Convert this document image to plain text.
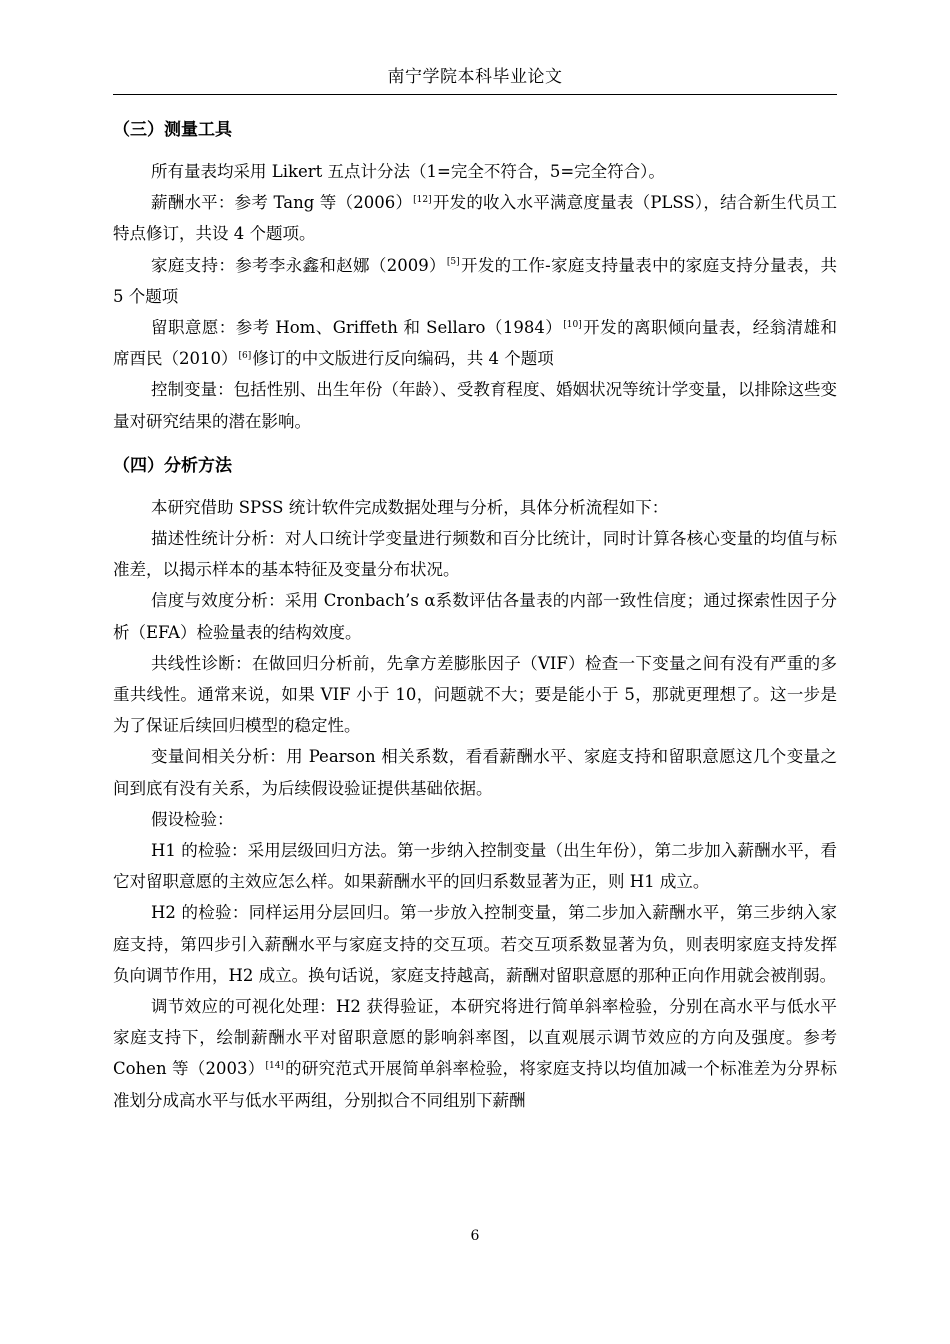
南宁学院本科毕业论文
（三）测量工具

所有量表均采用 Likert 五点计分法（1=完全不符合，5=完全符合）。

薪酬水平：参考 Tang 等（2006）[12]开发的收入水平满意度量表（PLSS），结合新生代员工特点修订，共设 4 个题项。

家庭支持：参考李永鑫和赵娜（2009）[5]开发的工作-家庭支持量表中的家庭支持分量表，共 5 个题项

留职意愿：参考 Hom、Griffeth 和 Sellaro（1984）[10]开发的离职倾向量表，经翁清雄和席酉民（2010）[6]修订的中文版进行反向编码，共 4 个题项

控制变量：包括性别、出生年份（年龄）、受教育程度、婚姻状况等统计学变量，以排除这些变量对研究结果的潜在影响。

（四）分析方法

本研究借助 SPSS 统计软件完成数据处理与分析，具体分析流程如下：

描述性统计分析：对人口统计学变量进行频数和百分比统计，同时计算各核心变量的均值与标准差，以揭示样本的基本特征及变量分布状况。

信度与效度分析：采用 Cronbach’s α系数评估各量表的内部一致性信度；通过探索性因子分析（EFA）检验量表的结构效度。

共线性诊断：在做回归分析前，先拿方差膨胀因子（VIF）检查一下变量之间有没有严重的多重共线性。通常来说，如果 VIF 小于 10，问题就不大；要是能小于 5，那就更理想了。这一步是为了保证后续回归模型的稳定性。

变量间相关分析：用 Pearson 相关系数，看看薪酬水平、家庭支持和留职意愿这几个变量之间到底有没有关系，为后续假设验证提供基础依据。

假设检验：

H1 的检验：采用层级回归方法。第一步纳入控制变量（出生年份），第二步加入薪酬水平，看它对留职意愿的主效应怎么样。如果薪酬水平的回归系数显著为正，则 H1 成立。

H2 的检验：同样运用分层回归。第一步放入控制变量，第二步加入薪酬水平，第三步纳入家庭支持，第四步引入薪酬水平与家庭支持的交互项。若交互项系数显著为负，则表明家庭支持发挥负向调节作用，H2 成立。换句话说，家庭支持越高，薪酬对留职意愿的那种正向作用就会被削弱。

调节效应的可视化处理：H2 获得验证，本研究将进行简单斜率检验，分别在高水平与低水平家庭支持下，绘制薪酬水平对留职意愿的影响斜率图，以直观展示调节效应的方向及强度。参考 Cohen 等（2003）[14]的研究范式开展简单斜率检验，将家庭支持以均值加减一个标准差为分界标准划分成高水平与低水平两组，分别拟合不同组别下薪酬

6
